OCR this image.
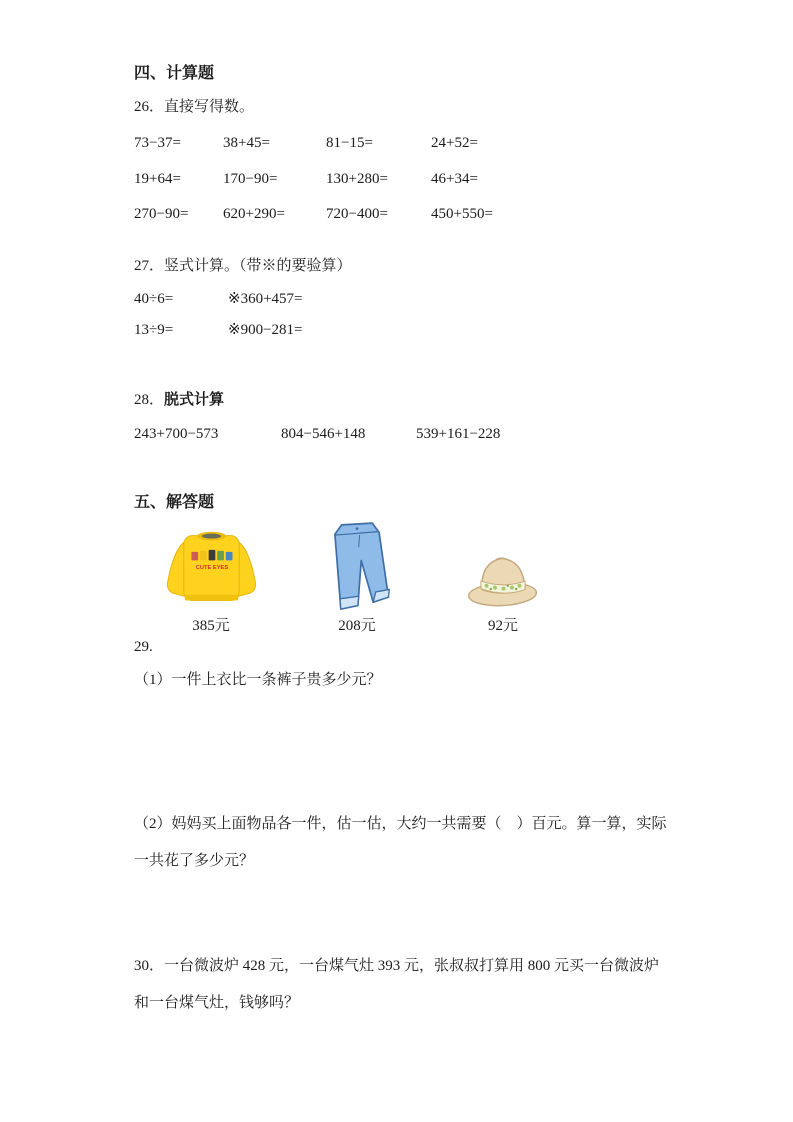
四、计算题
26．直接写得数。
73−37=	38+45=	81−15=	24+52=
19+64=	170−90=	130+280=	46+34=
270−90=	620+290=	720−400=	450+550=
27．竖式计算。（带※的要验算）
40÷6=	※360+457=
13÷9=	※900−281=
28．脱式计算
243+700−573	804−546+148	539+161−228
五、解答题
CUTE EYES
385元	208元	92元
29.

（1）一件上衣比一条裤子贵多少元？

（2）妈妈买上面物品各一件，估一估，大约一共需要（　）百元。算一算，实际一共花了多少元？

30．一台微波炉 428 元，一台煤气灶 393 元，张叔叔打算用 800 元买一台微波炉和一台煤气灶，钱够吗？
